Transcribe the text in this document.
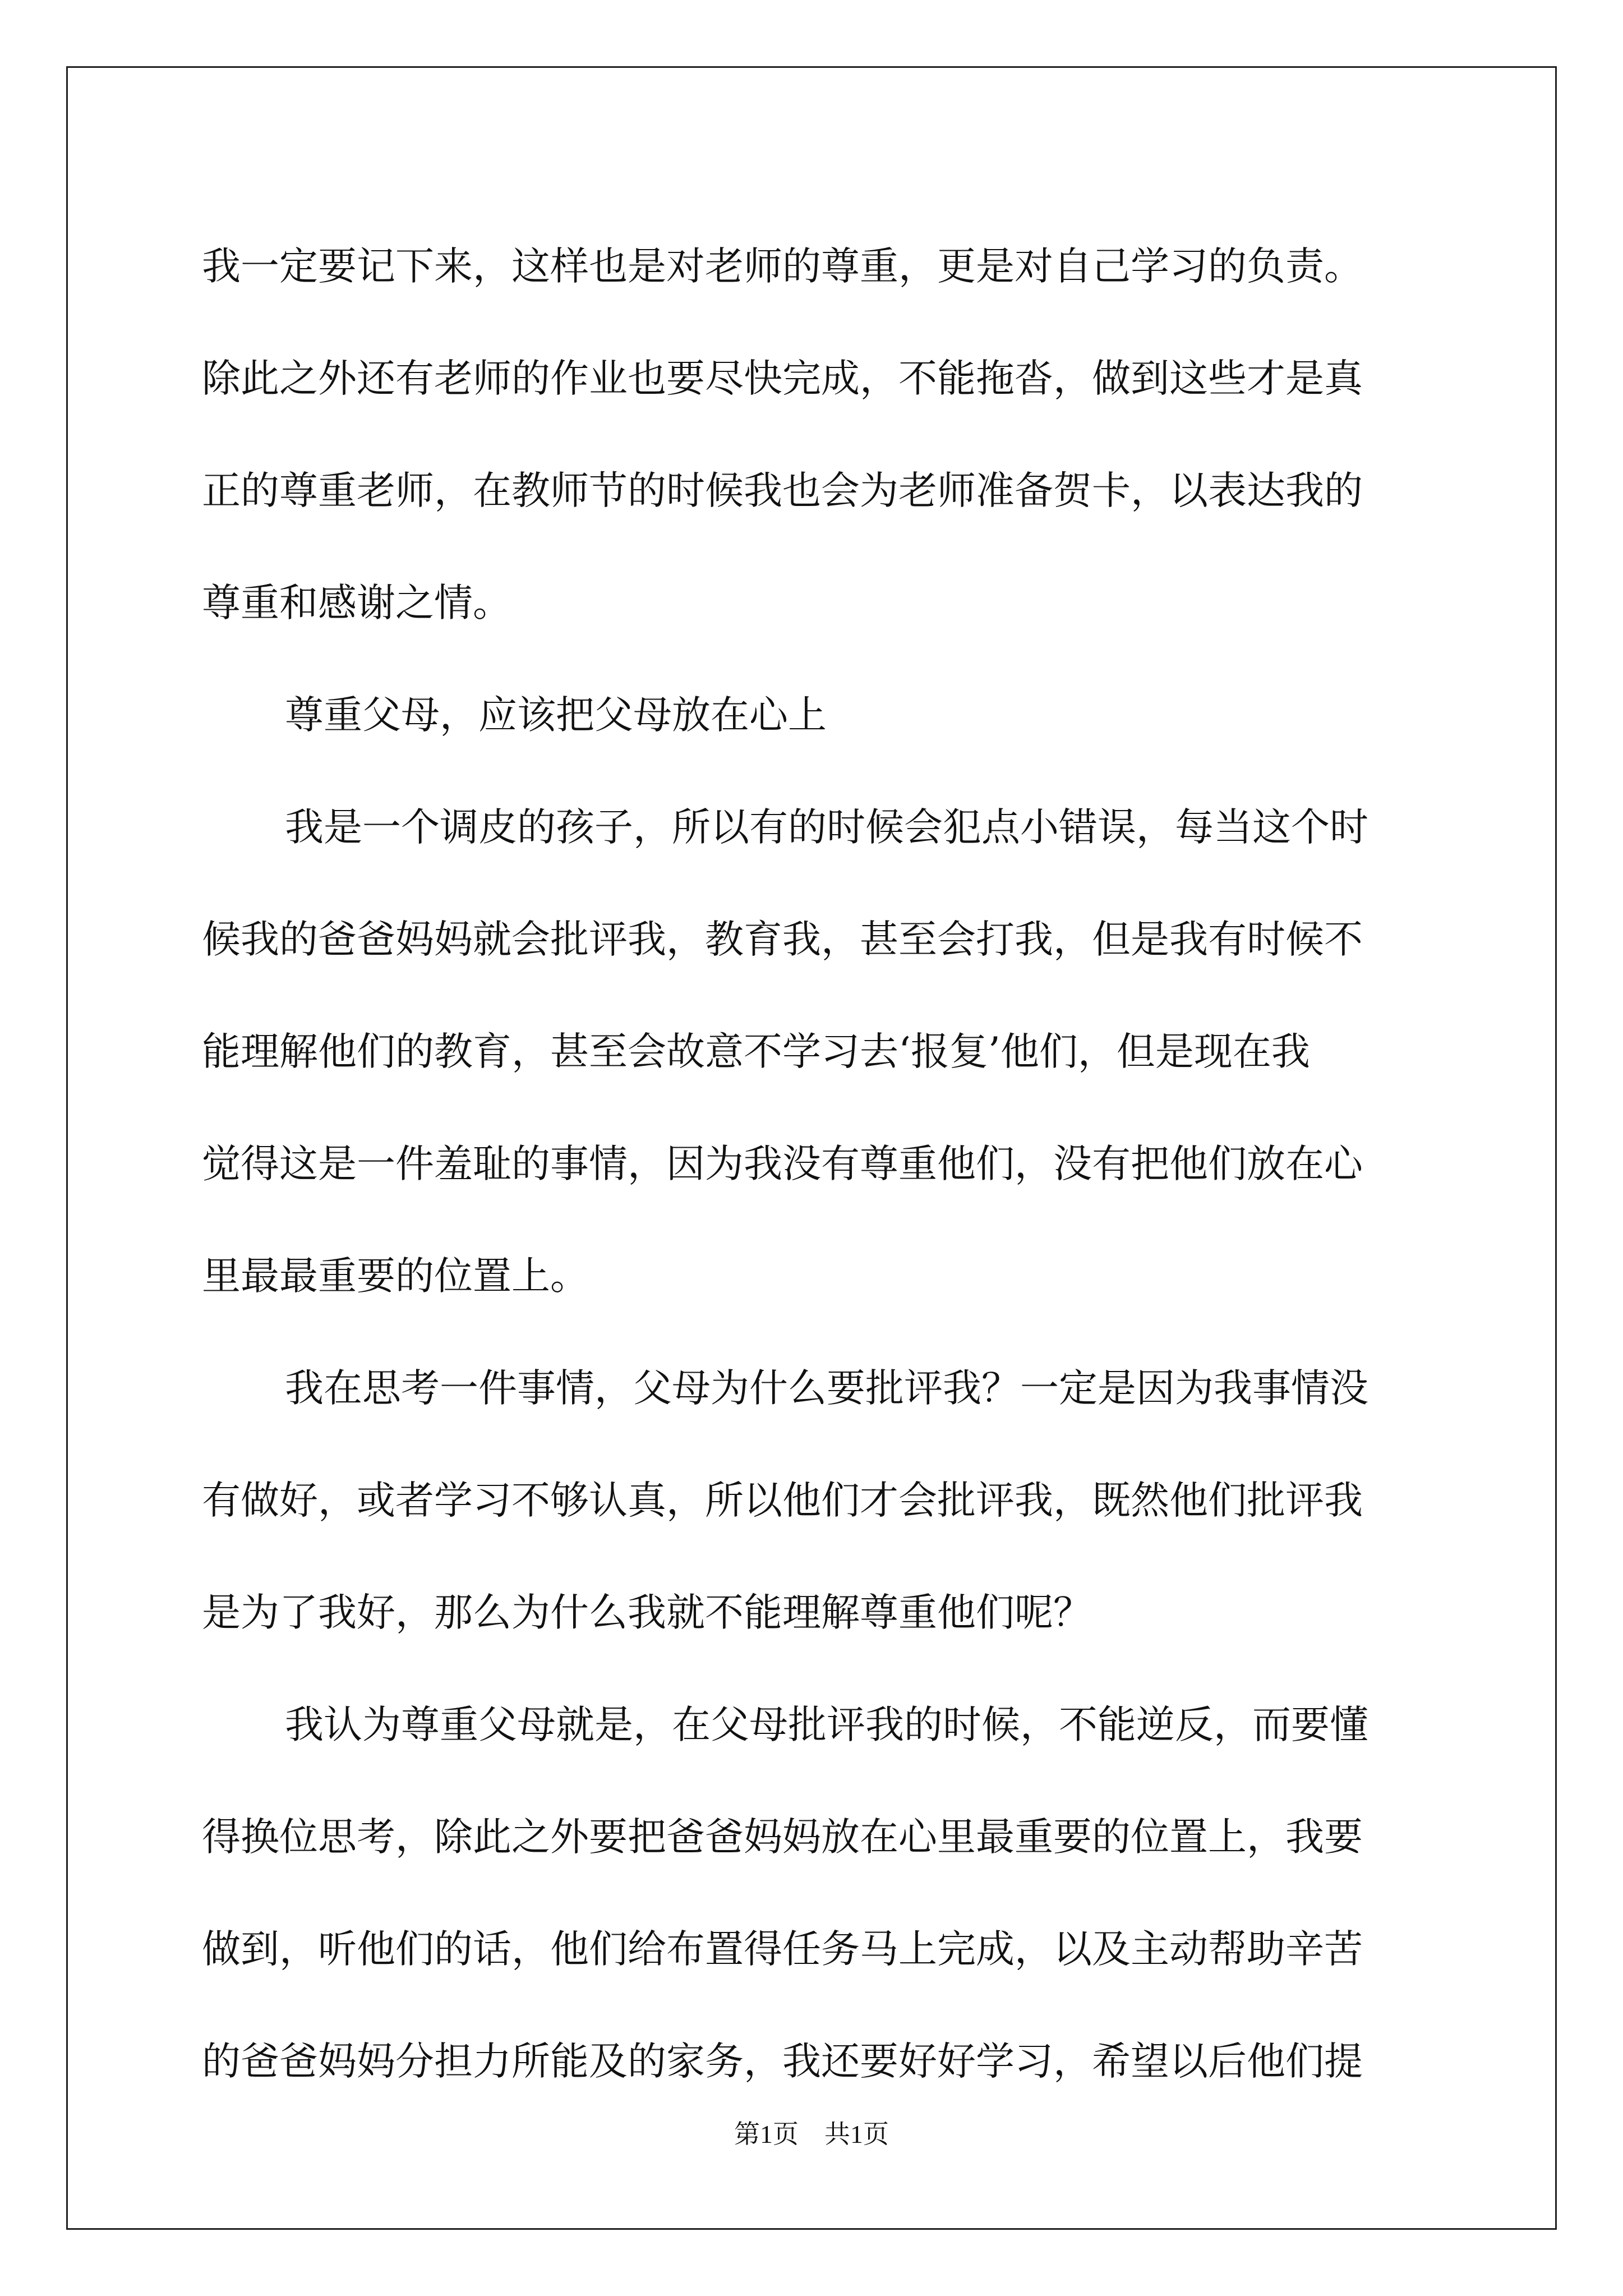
我一定要记下来，这样也是对老师的尊重，更是对自己学习的负责。
除此之外还有老师的作业也要尽快完成，不能拖沓，做到这些才是真
正的尊重老师，在教师节的时候我也会为老师准备贺卡，以表达我的
尊重和感谢之情。
尊重父母，应该把父母放在心上
我是一个调皮的孩子，所以有的时候会犯点小错误，每当这个时
候我的爸爸妈妈就会批评我，教育我，甚至会打我，但是我有时候不
能理解他们的教育，甚至会故意不学习去‘报复’他们，但是现在我
觉得这是一件羞耻的事情，因为我没有尊重他们，没有把他们放在心
里最最重要的位置上。
我在思考一件事情，父母为什么要批评我？一定是因为我事情没
有做好，或者学习不够认真，所以他们才会批评我，既然他们批评我
是为了我好，那么为什么我就不能理解尊重他们呢？
我认为尊重父母就是，在父母批评我的时候，不能逆反，而要懂
得换位思考，除此之外要把爸爸妈妈放在心里最重要的位置上，我要
做到，听他们的话，他们给布置得任务马上完成，以及主动帮助辛苦
的爸爸妈妈分担力所能及的家务，我还要好好学习，希望以后他们提
第1页　共1页
